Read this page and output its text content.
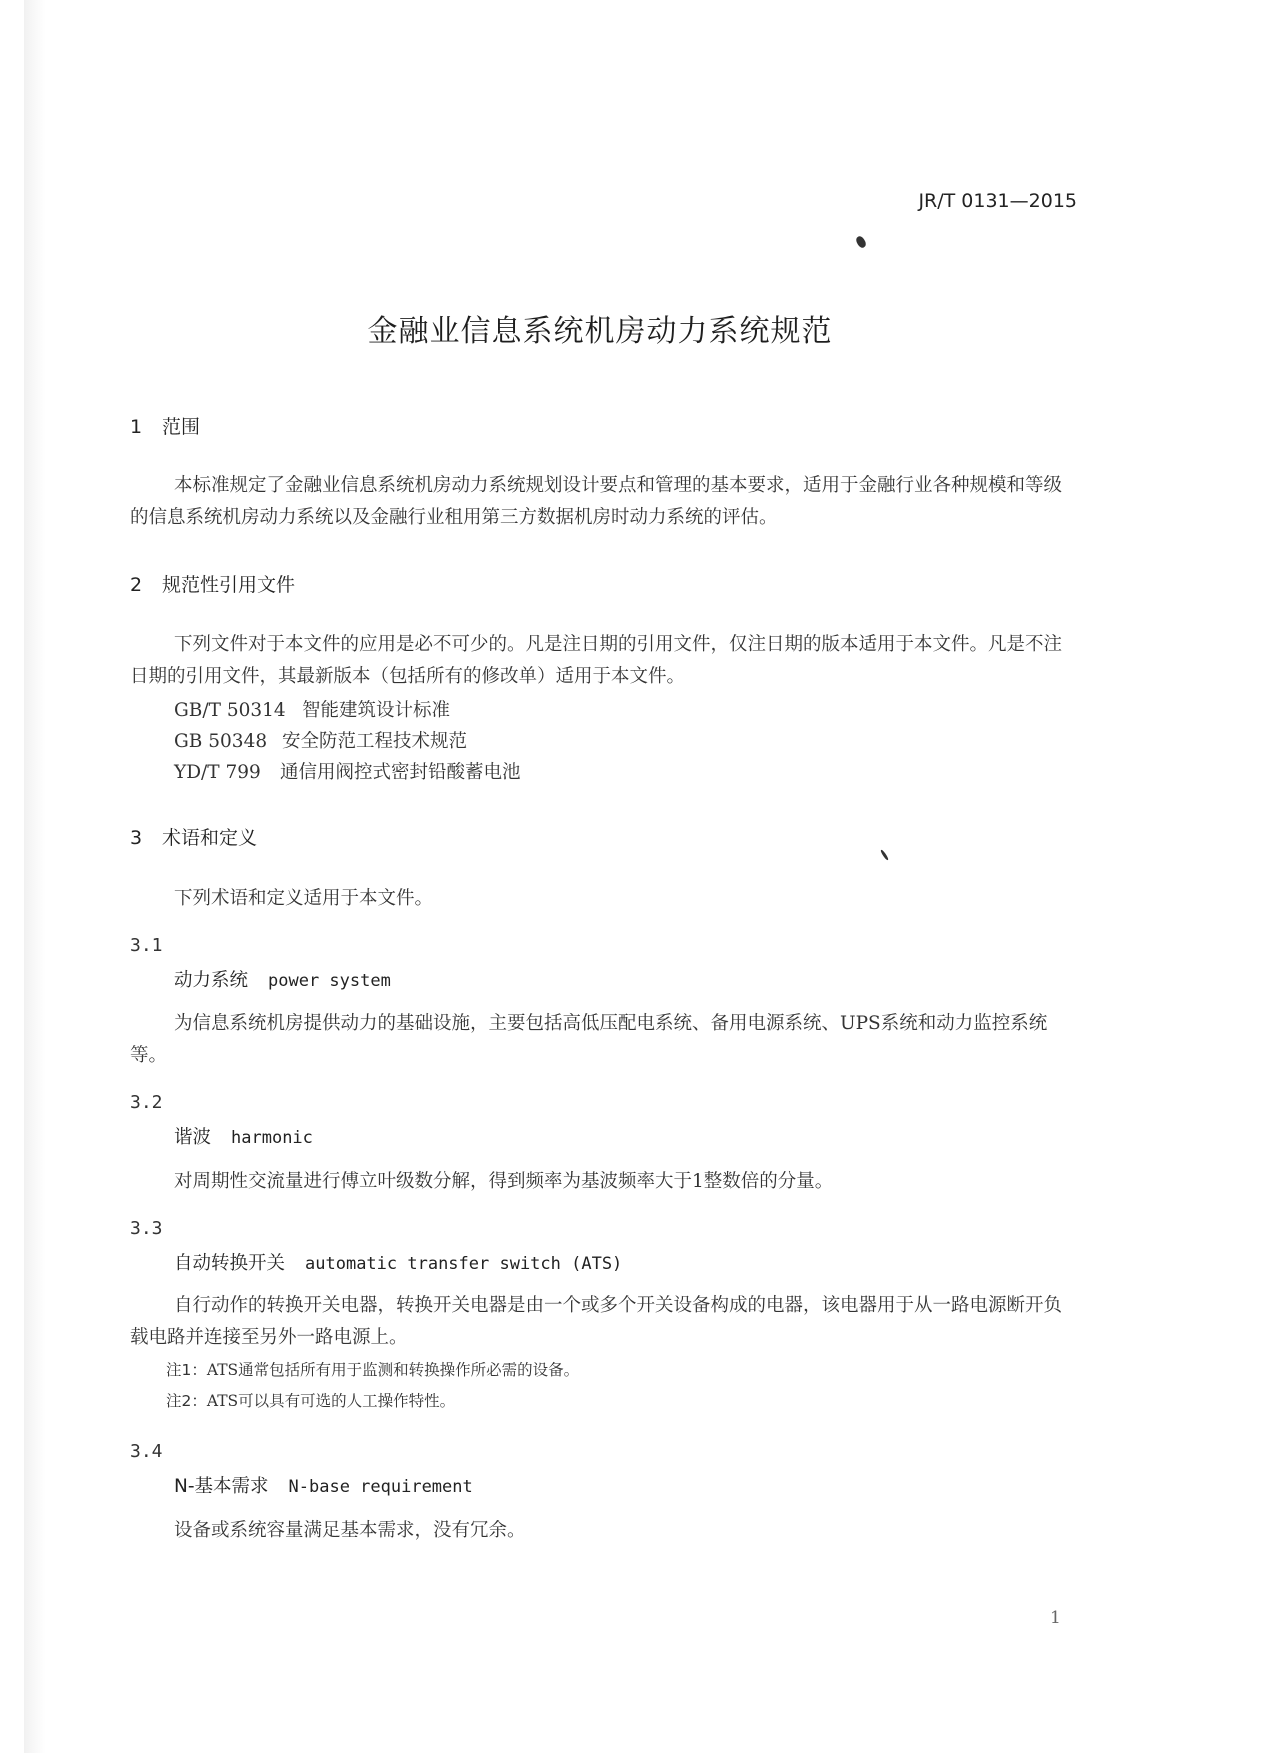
JR/T 0131—2015
金融业信息系统机房动力系统规范
1 范围
本标准规定了金融业信息系统机房动力系统规划设计要点和管理的基本要求，适用于金融行业各种规模和等级的信息系统机房动力系统以及金融行业租用第三方数据机房时动力系统的评估。
2 规范性引用文件
下列文件对于本文件的应用是必不可少的。凡是注日期的引用文件，仅注日期的版本适用于本文件。凡是不注日期的引用文件，其最新版本（包括所有的修改单）适用于本文件。
GB/T 50314 智能建筑设计标准
GB 50348 安全防范工程技术规范
YD/T 799 通信用阀控式密封铅酸蓄电池
3 术语和定义
下列术语和定义适用于本文件。
3.1
动力系统 power system
为信息系统机房提供动力的基础设施，主要包括高低压配电系统、备用电源系统、UPS系统和动力监控系统等。
3.2
谐波 harmonic
对周期性交流量进行傅立叶级数分解，得到频率为基波频率大于1整数倍的分量。
3.3
自动转换开关 automatic transfer switch (ATS)
自行动作的转换开关电器，转换开关电器是由一个或多个开关设备构成的电器，该电器用于从一路电源断开负载电路并连接至另外一路电源上。
注1：ATS通常包括所有用于监测和转换操作所必需的设备。
注2：ATS可以具有可选的人工操作特性。
3.4
N-基本需求 N-base requirement
设备或系统容量满足基本需求，没有冗余。
1
